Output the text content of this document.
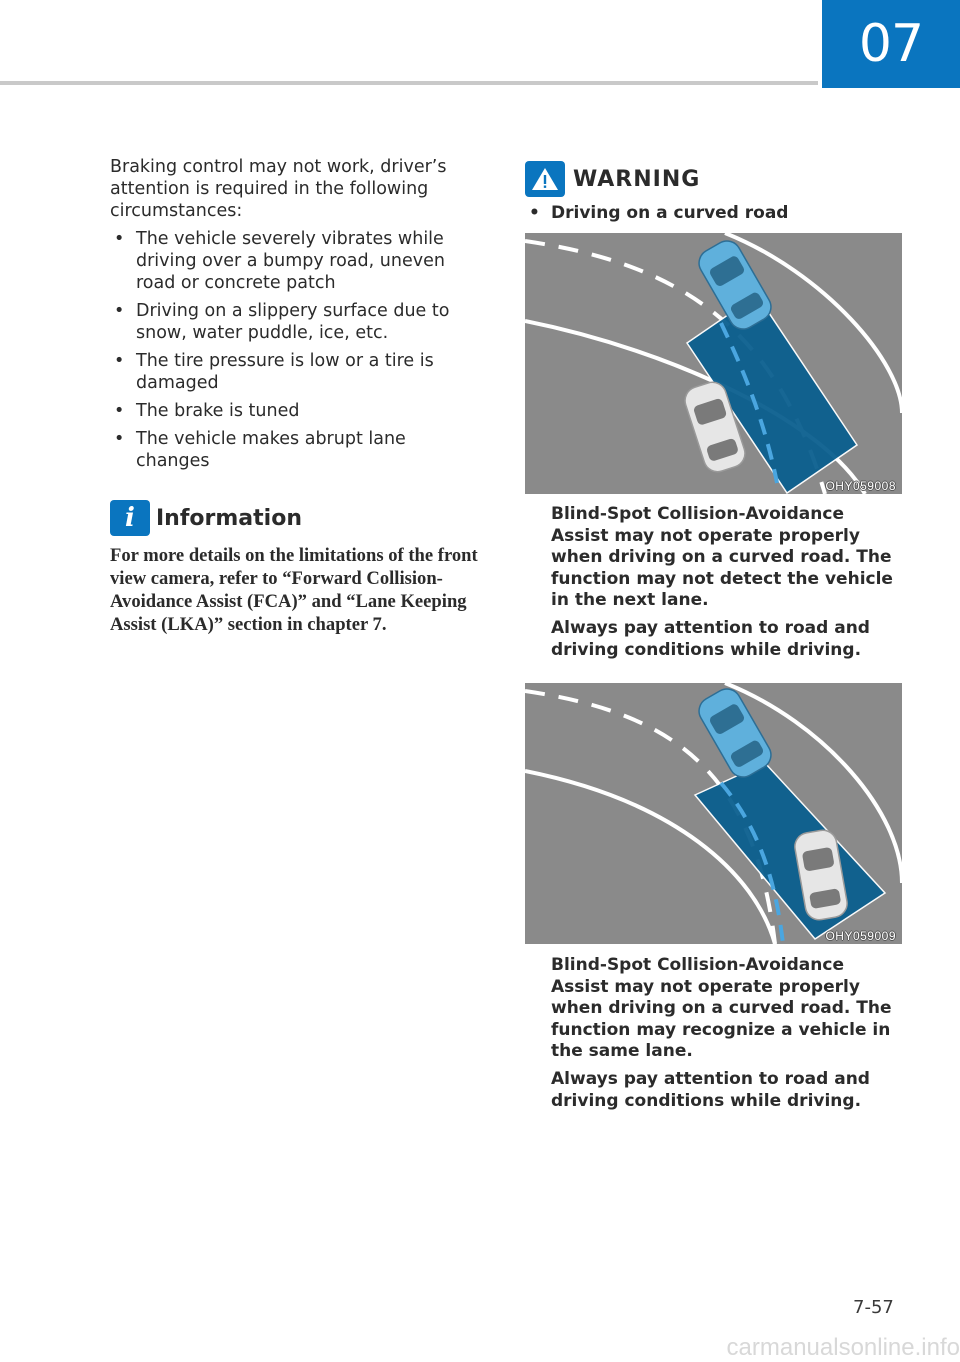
07

Braking control may not work, driver’s attention is required in the following circumstances:

• The vehicle severely vibrates while driving over a bumpy road, uneven road or concrete patch
• Driving on a slippery surface due to snow, water puddle, ice, etc.
• The tire pressure is low or a tire is damaged
• The brake is tuned
• The vehicle makes abrupt lane changes
i Information
For more details on the limitations of the front view camera, refer to “Forward Collision-Avoidance Assist (FCA)” and “Lane Keeping Assist (LKA)” section in chapter 7.
WARNING
• Driving on a curved road
OHY059008

Blind-Spot Collision-Avoidance Assist may not operate properly when driving on a curved road. The function may not detect the vehicle in the next lane.

Always pay attention to road and driving conditions while driving.

OHY059009

Blind-Spot Collision-Avoidance Assist may not operate properly when driving on a curved road. The function may recognize a vehicle in the same lane.

Always pay attention to road and driving conditions while driving.

7-57
carmanualsonline.info
